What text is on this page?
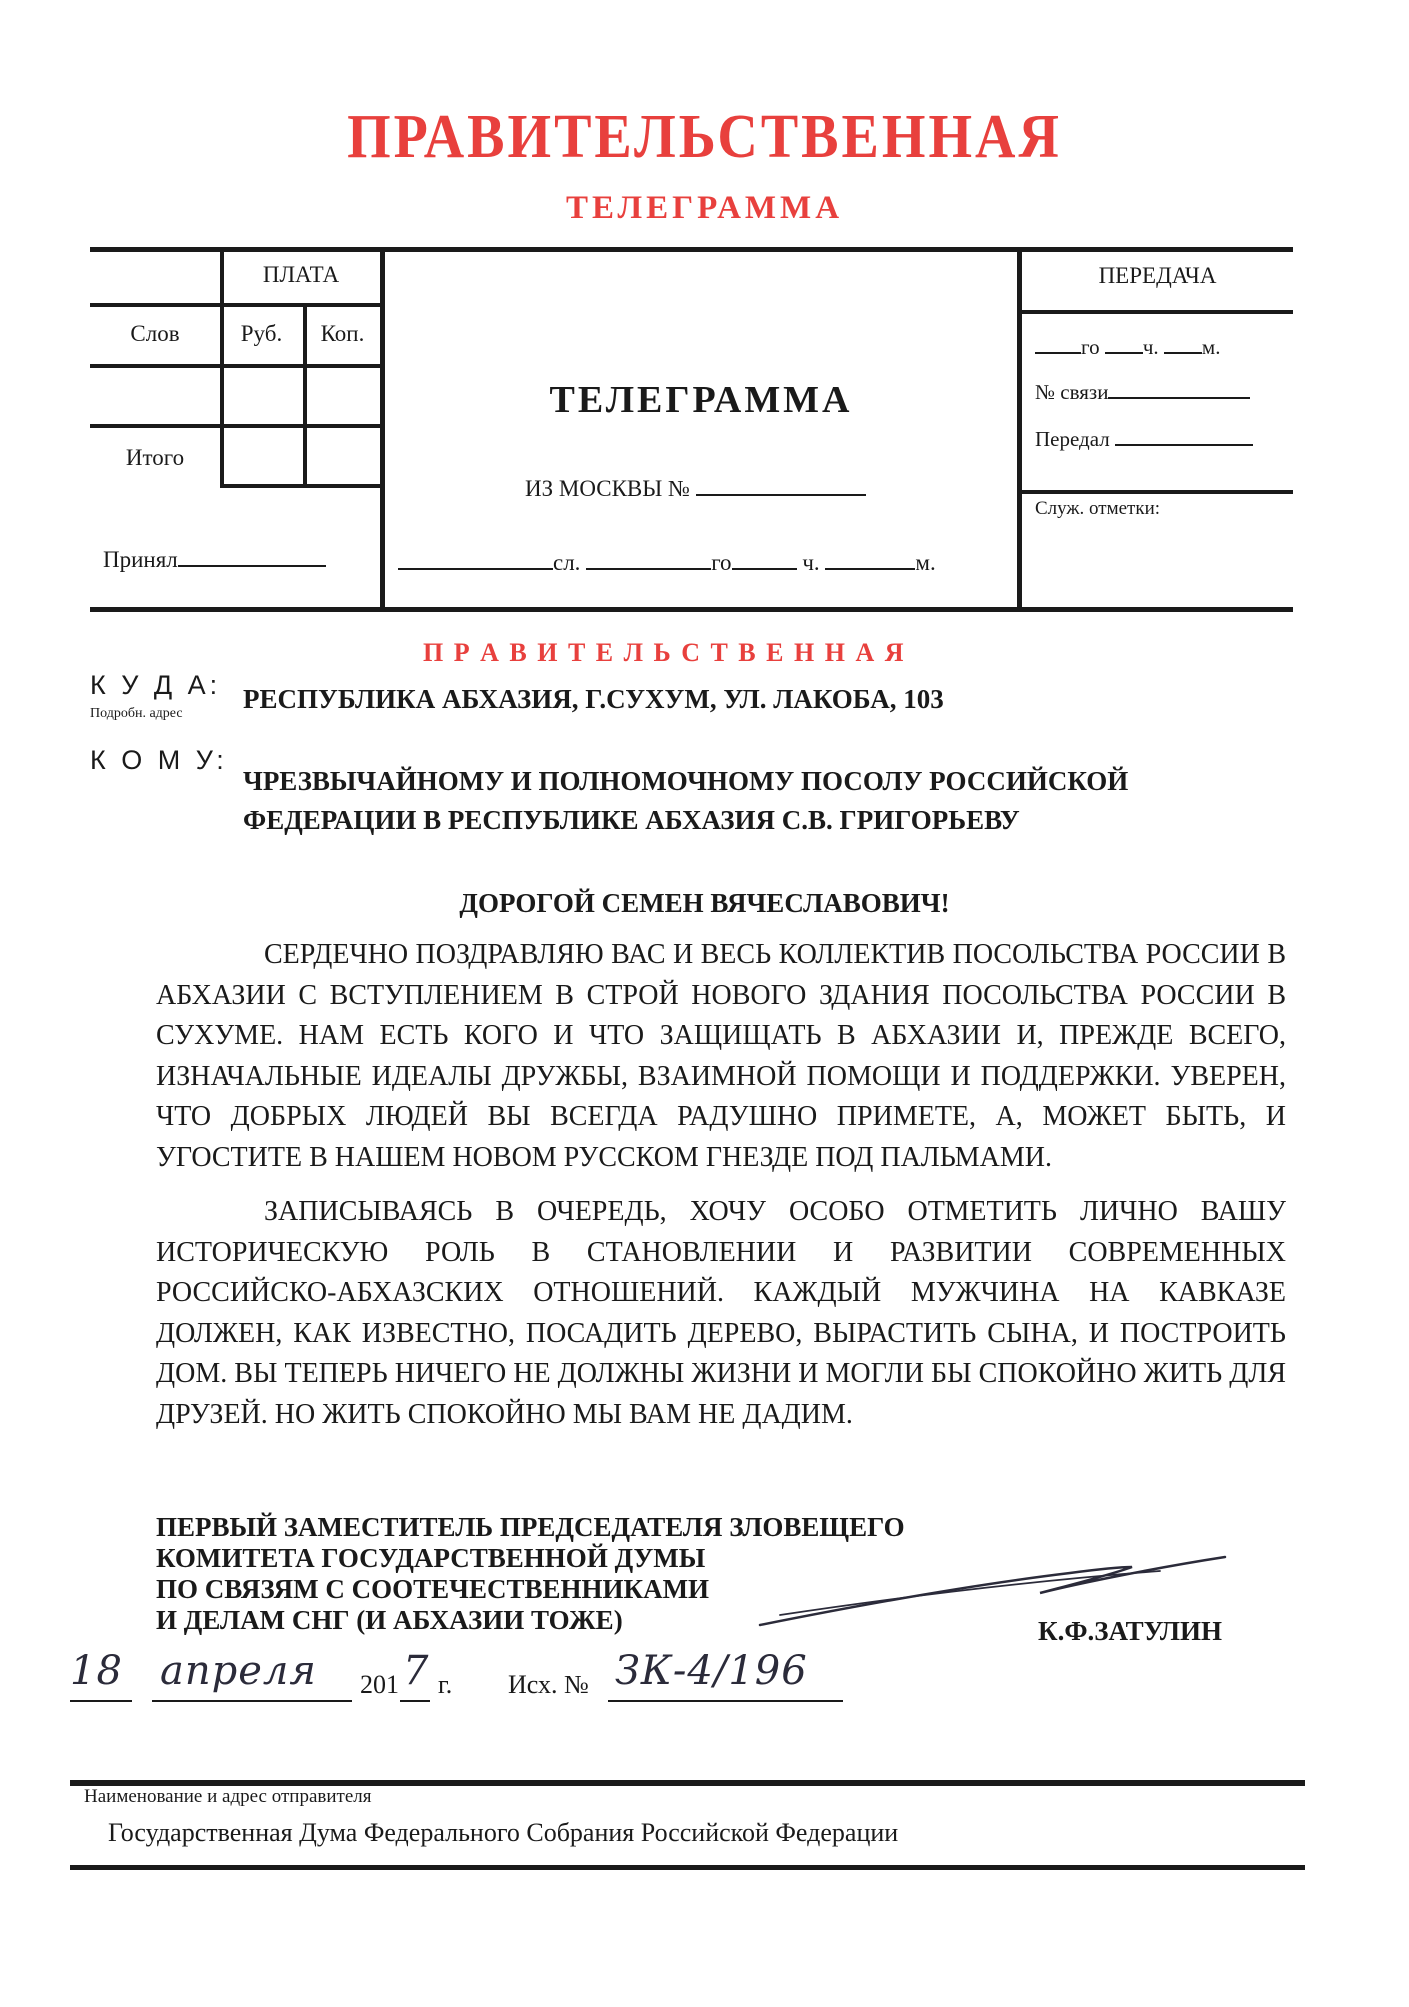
ПРАВИТЕЛЬСТВЕННАЯ
ТЕЛЕГРАММА
ПЛАТА
Слов	Руб.	Коп.
Итого
Принял
ТЕЛЕГРАММА
ИЗ МОСКВЫ №
сл.	го	ч.	м.
ПЕРЕДАЧА
го ч. м.
№ связи
Передал
Служ. отметки:
П Р А В И Т Е Л Ь С Т В Е Н Н А Я
К У Д А:
Подробн. адрес РЕСПУБЛИКА АБХАЗИЯ, Г.СУХУМ, УЛ. ЛАКОБА, 103
К О М У:
ЧРЕЗВЫЧАЙНОМУ И ПОЛНОМОЧНОМУ ПОСОЛУ РОССИЙСКОЙ
ФЕДЕРАЦИИ В РЕСПУБЛИКЕ АБХАЗИЯ С.В. ГРИГОРЬЕВУ
ДОРОГОЙ СЕМЕН ВЯЧЕСЛАВОВИЧ!

СЕРДЕЧНО ПОЗДРАВЛЯЮ ВАС И ВЕСЬ КОЛЛЕКТИВ ПОСОЛЬСТВА РОССИИ В АБХАЗИИ С ВСТУПЛЕНИЕМ В СТРОЙ НОВОГО ЗДАНИЯ ПОСОЛЬСТВА РОССИИ В СУХУМЕ. НАМ ЕСТЬ КОГО И ЧТО ЗАЩИЩАТЬ В АБХАЗИИ И, ПРЕЖДЕ ВСЕГО, ИЗНАЧАЛЬНЫЕ ИДЕАЛЫ ДРУЖБЫ, ВЗАИМНОЙ ПОМОЩИ И ПОДДЕРЖКИ. УВЕРЕН, ЧТО ДОБРЫХ ЛЮДЕЙ ВЫ ВСЕГДА РАДУШНО ПРИМЕТЕ, А, МОЖЕТ БЫТЬ, И УГОСТИТЕ В НАШЕМ НОВОМ РУССКОМ ГНЕЗДЕ ПОД ПАЛЬМАМИ.

ЗАПИСЫВАЯСЬ В ОЧЕРЕДЬ, ХОЧУ ОСОБО ОТМЕТИТЬ ЛИЧНО ВАШУ ИСТОРИЧЕСКУЮ РОЛЬ В СТАНОВЛЕНИИ И РАЗВИТИИ СОВРЕМЕННЫХ РОССИЙСКО-АБХАЗСКИХ ОТНОШЕНИЙ. КАЖДЫЙ МУЖЧИНА НА КАВКАЗЕ ДОЛЖЕН, КАК ИЗВЕСТНО, ПОСАДИТЬ ДЕРЕВО, ВЫРАСТИТЬ СЫНА, И ПОСТРОИТЬ ДОМ. ВЫ ТЕПЕРЬ НИЧЕГО НЕ ДОЛЖНЫ ЖИЗНИ И МОГЛИ БЫ СПОКОЙНО ЖИТЬ ДЛЯ ДРУЗЕЙ. НО ЖИТЬ СПОКОЙНО МЫ ВАМ НЕ ДАДИМ.

ПЕРВЫЙ ЗАМЕСТИТЕЛЬ ПРЕДСЕДАТЕЛЯ ЗЛОВЕЩЕГО
КОМИТЕТА ГОСУДАРСТВЕННОЙ ДУМЫ
ПО СВЯЗЯМ С СООТЕЧЕСТВЕННИКАМИ
И ДЕЛАМ СНГ (И АБХАЗИИ ТОЖЕ)	К.Ф.ЗАТУЛИН
18 апреля 201 7 г. Исх. № ЗК-4/196
Наименование и адрес отправителя
Государственная Дума Федерального Собрания Российской Федерации
